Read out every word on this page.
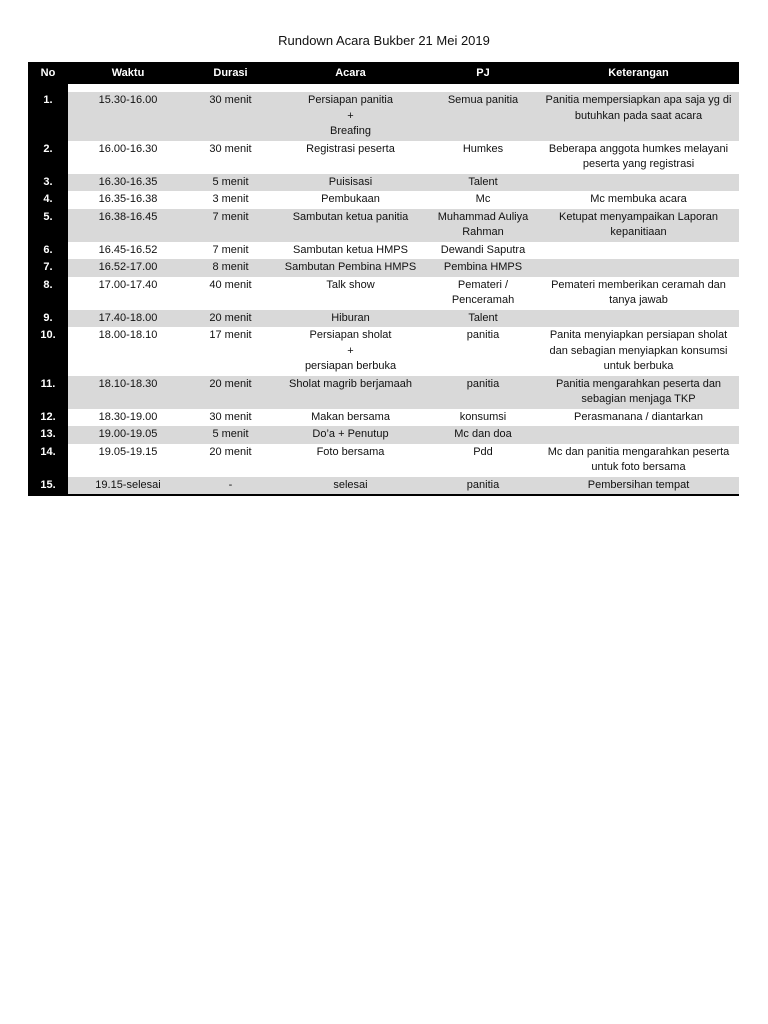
Rundown Acara Bukber 21 Mei 2019
No	Waktu	Durasi	Acara	PJ	Keterangan

1.	15.30-16.00	30 menit	Persiapan panitia
+
Breafing	Semua panitia	Panitia mempersiapkan apa saja yg di butuhkan pada saat acara
2.	16.00-16.30	30 menit	Registrasi peserta	Humkes	Beberapa anggota humkes melayani peserta yang registrasi
3.	16.30-16.35	5 menit	Puisisasi	Talent	
4.	16.35-16.38	3 menit	Pembukaan	Mc	Mc membuka acara
5.	16.38-16.45	7 menit	Sambutan ketua panitia	Muhammad Auliya Rahman	Ketupat menyampaikan Laporan kepanitiaan
6.	16.45-16.52	7 menit	Sambutan ketua HMPS	Dewandi Saputra	
7.	16.52-17.00	8 menit	Sambutan Pembina HMPS	Pembina HMPS	
8.	17.00-17.40	40 menit	Talk show	Pemateri /
Penceramah	Pemateri memberikan ceramah dan tanya jawab
9.	17.40-18.00	20 menit	Hiburan	Talent	
10.	18.00-18.10	17 menit	Persiapan sholat
+
persiapan berbuka	panitia	Panita menyiapkan persiapan sholat dan sebagian menyiapkan konsumsi untuk berbuka
11.	18.10-18.30	20 menit	Sholat magrib berjamaah	panitia	Panitia mengarahkan peserta dan sebagian menjaga TKP
12.	18.30-19.00	30 menit	Makan bersama	konsumsi	Perasmanana / diantarkan
13.	19.00-19.05	5 menit	Do’a + Penutup	Mc dan doa	
14.	19.05-19.15	20 menit	Foto bersama	Pdd	Mc dan panitia mengarahkan peserta untuk foto bersama
15.	19.15-selesai	-	selesai	panitia	Pembersihan tempat
